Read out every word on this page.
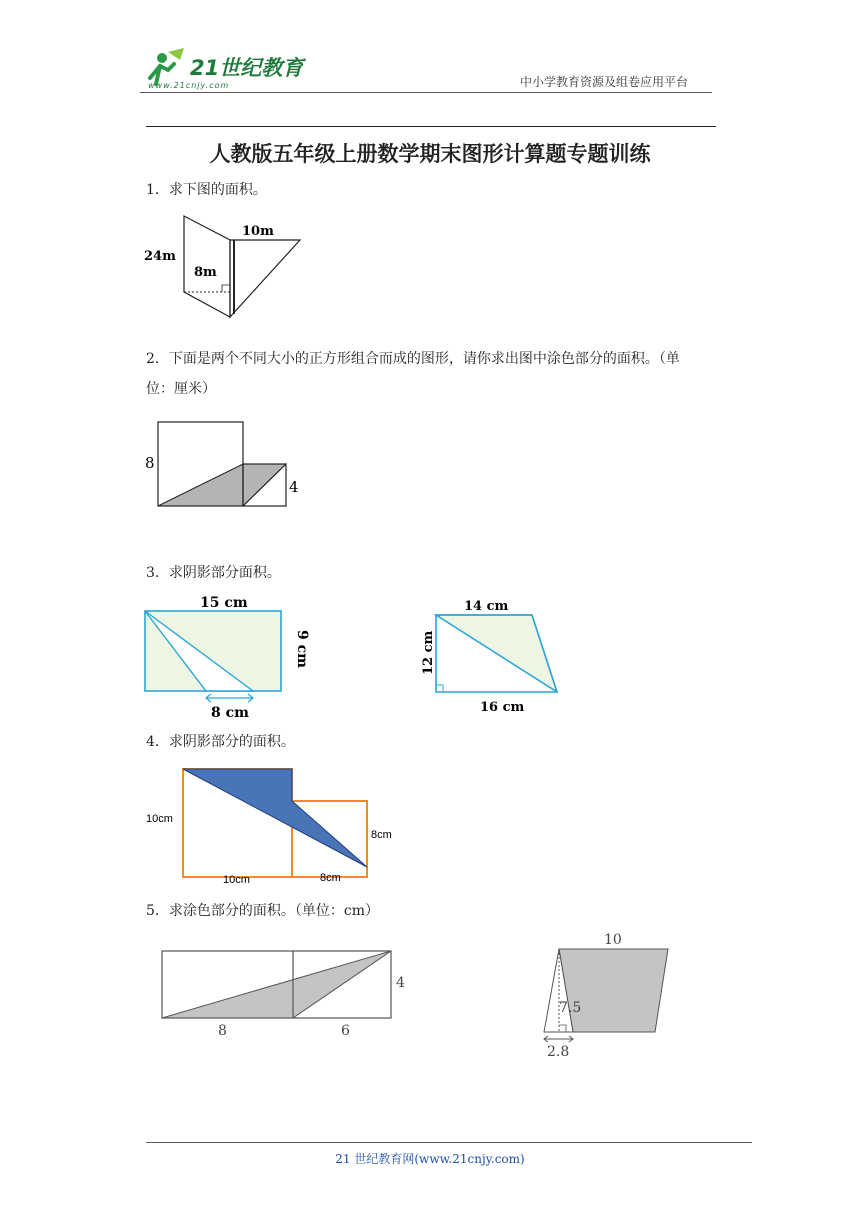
21世纪教育
www.21cnjy.com	中小学教育资源及组卷应用平台
人教版五年级上册数学期末图形计算题专题训练
1．求下图的面积。
24m
10m
8m
2．下面是两个不同大小的正方形组合而成的图形，请你求出图中涂色部分的面积。（单
位：厘米）
8
4
3．求阴影部分面积。
15 cm
9 cm
8 cm
14 cm
12 cm
16 cm
4．求阴影部分的面积。
10cm
8cm
10cm	8cm
5．求涂色部分的面积。（单位：cm）
8	6
4
10
7.5
2.8
21 世纪教育网(www.21cnjy.com)
